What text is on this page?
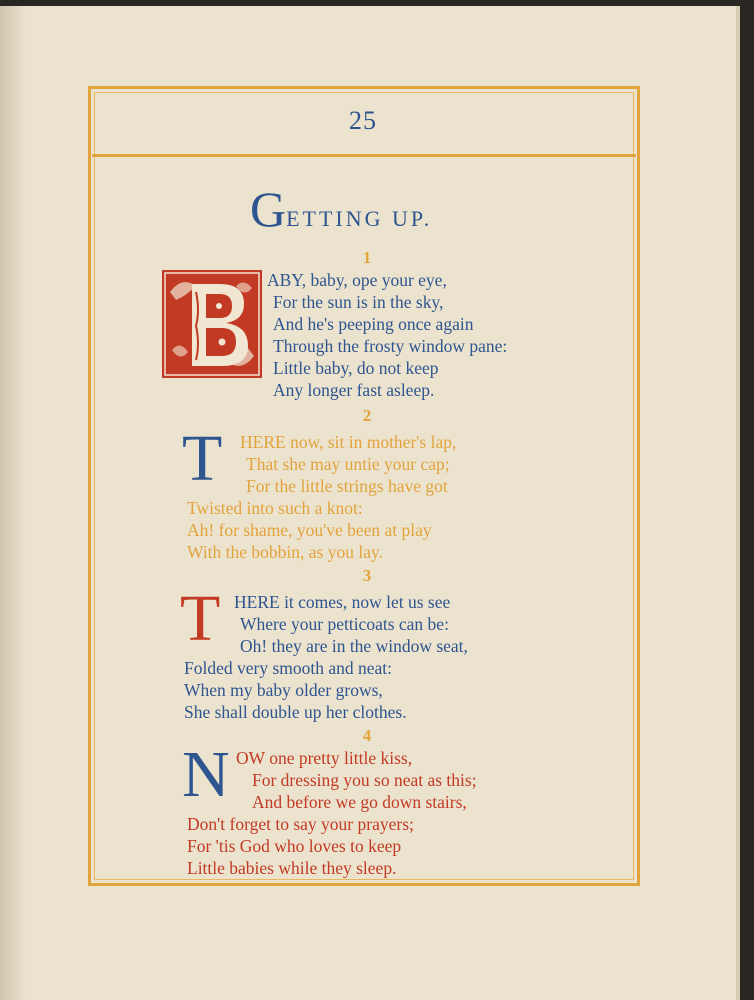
25
GETTING UP.
1
ABY, baby, ope your eye,
For the sun is in the sky,
And he's peeping once again
Through the frosty window pane:
Little baby, do not keep
Any longer fast asleep.
2
T HERE now, sit in mother's lap,
That she may untie your cap;
For the little strings have got
Twisted into such a knot:
Ah! for shame, you've been at play
With the bobbin, as you lay.
3
T HERE it comes, now let us see
Where your petticoats can be:
Oh! they are in the window seat,
Folded very smooth and neat:
When my baby older grows,
She shall double up her clothes.
4
N OW one pretty little kiss,
For dressing you so neat as this;
And before we go down stairs,
Don't forget to say your prayers;
For 'tis God who loves to keep
Little babies while they sleep.
